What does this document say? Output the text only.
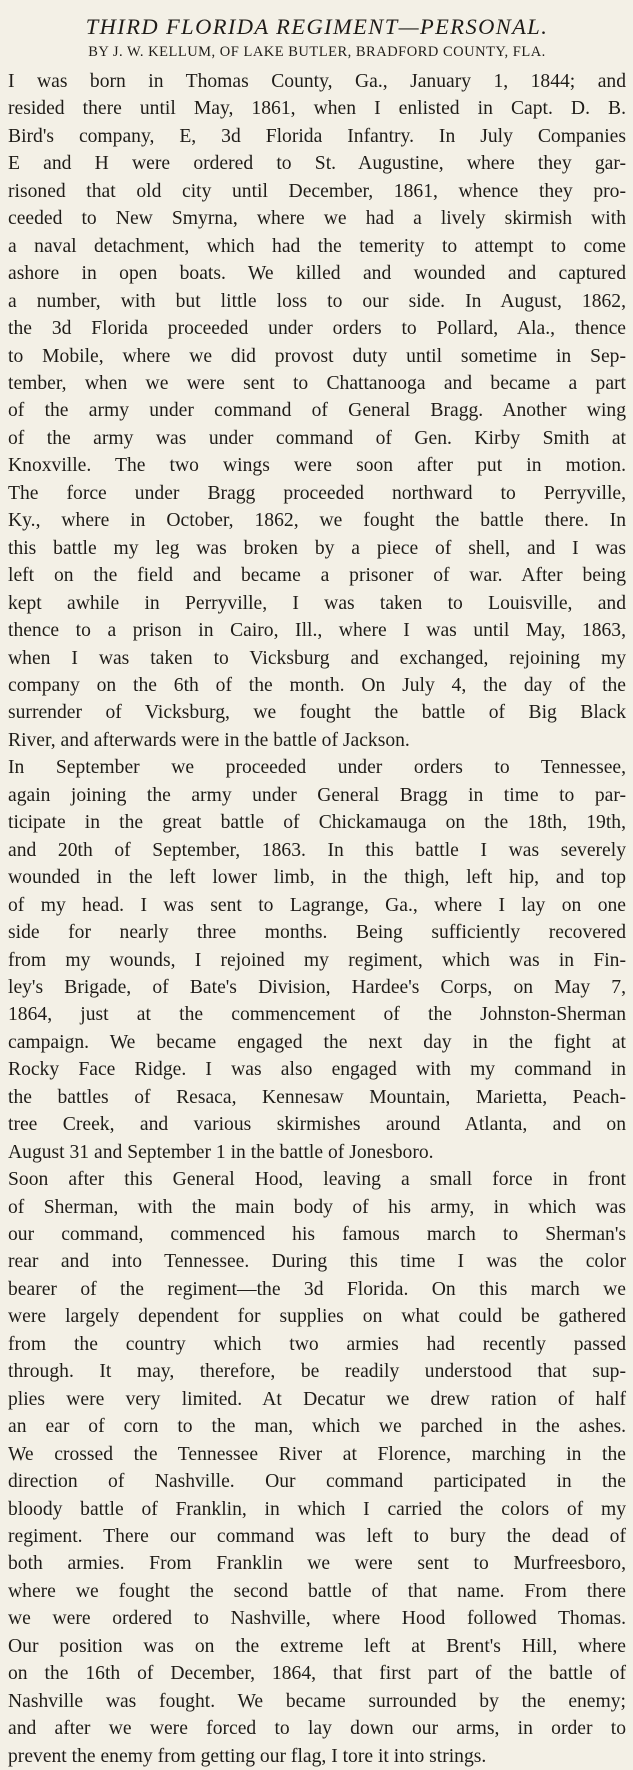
THIRD FLORIDA REGIMENT—PERSONAL.
BY J. W. KELLUM, OF LAKE BUTLER, BRADFORD COUNTY, FLA.

I was born in Thomas County, Ga., January 1, 1844; and
resided there until May, 1861, when I enlisted in Capt. D. B.
Bird's company, E, 3d Florida Infantry. In July Companies
E and H were ordered to St. Augustine, where they gar-
risoned that old city until December, 1861, whence they pro-
ceeded to New Smyrna, where we had a lively skirmish with
a naval detachment, which had the temerity to attempt to come
ashore in open boats. We killed and wounded and captured
a number, with but little loss to our side. In August, 1862,
the 3d Florida proceeded under orders to Pollard, Ala., thence
to Mobile, where we did provost duty until sometime in Sep-
tember, when we were sent to Chattanooga and became a part
of the army under command of General Bragg. Another wing
of the army was under command of Gen. Kirby Smith at
Knoxville. The two wings were soon after put in motion.
The force under Bragg proceeded northward to Perryville,
Ky., where in October, 1862, we fought the battle there. In
this battle my leg was broken by a piece of shell, and I was
left on the field and became a prisoner of war. After being
kept awhile in Perryville, I was taken to Louisville, and
thence to a prison in Cairo, Ill., where I was until May, 1863,
when I was taken to Vicksburg and exchanged, rejoining my
company on the 6th of the month. On July 4, the day of the
surrender of Vicksburg, we fought the battle of Big Black
River, and afterwards were in the battle of Jackson.

In September we proceeded under orders to Tennessee,
again joining the army under General Bragg in time to par-
ticipate in the great battle of Chickamauga on the 18th, 19th,
and 20th of September, 1863. In this battle I was severely
wounded in the left lower limb, in the thigh, left hip, and top
of my head. I was sent to Lagrange, Ga., where I lay on one
side for nearly three months. Being sufficiently recovered
from my wounds, I rejoined my regiment, which was in Fin-
ley's Brigade, of Bate's Division, Hardee's Corps, on May 7,
1864, just at the commencement of the Johnston-Sherman
campaign. We became engaged the next day in the fight at
Rocky Face Ridge. I was also engaged with my command in
the battles of Resaca, Kennesaw Mountain, Marietta, Peach-
tree Creek, and various skirmishes around Atlanta, and on
August 31 and September 1 in the battle of Jonesboro.

Soon after this General Hood, leaving a small force in front
of Sherman, with the main body of his army, in which was
our command, commenced his famous march to Sherman's
rear and into Tennessee. During this time I was the color
bearer of the regiment—the 3d Florida. On this march we
were largely dependent for supplies on what could be gathered
from the country which two armies had recently passed
through. It may, therefore, be readily understood that sup-
plies were very limited. At Decatur we drew ration of half
an ear of corn to the man, which we parched in the ashes.
We crossed the Tennessee River at Florence, marching in the
direction of Nashville. Our command participated in the
bloody battle of Franklin, in which I carried the colors of my
regiment. There our command was left to bury the dead of
both armies. From Franklin we were sent to Murfreesboro,
where we fought the second battle of that name. From there
we were ordered to Nashville, where Hood followed Thomas.
Our position was on the extreme left at Brent's Hill, where
on the 16th of December, 1864, that first part of the battle of
Nashville was fought. We became surrounded by the enemy;
and after we were forced to lay down our arms, in order to
prevent the enemy from getting our flag, I tore it into strings.
